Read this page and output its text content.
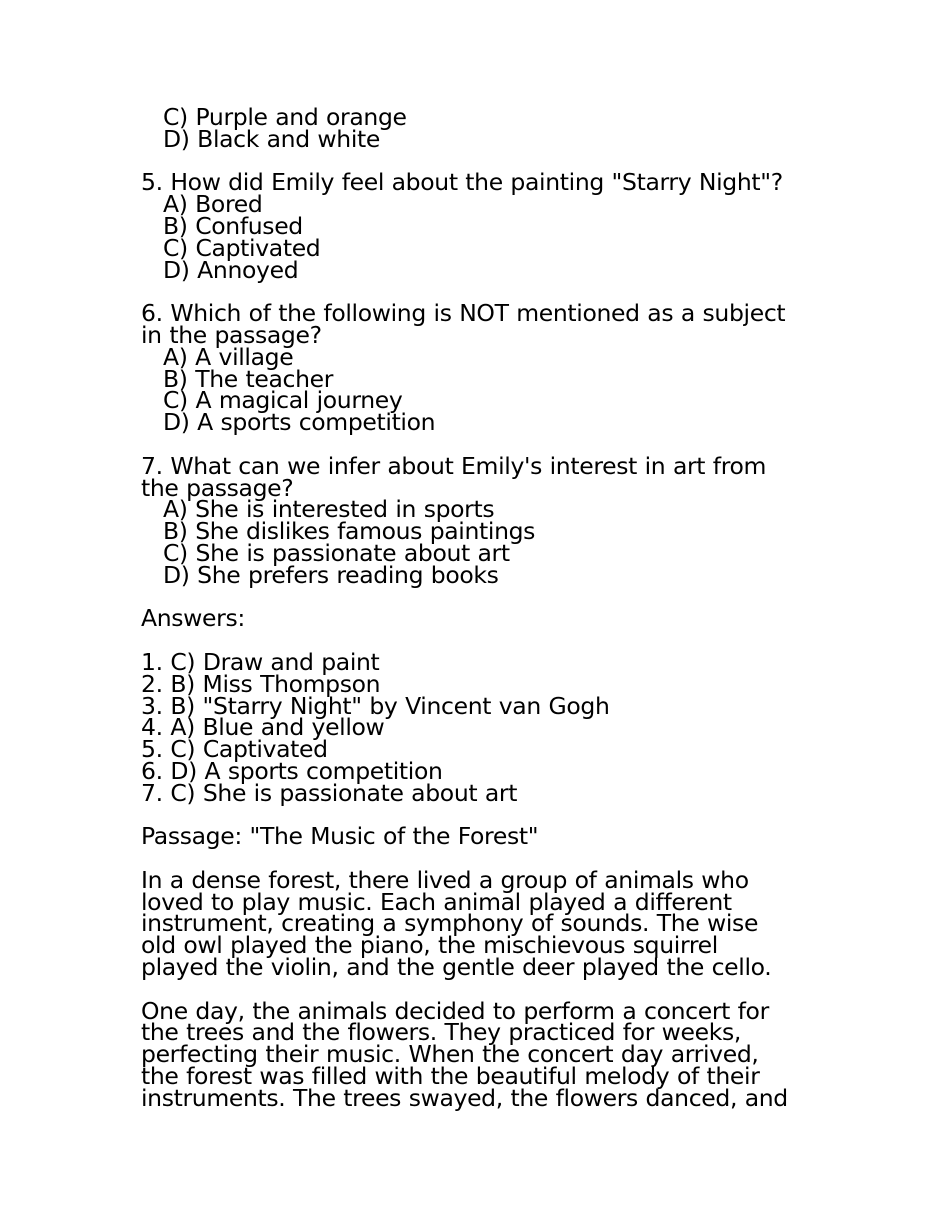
C) Purple and orange
D) Black and white
5. How did Emily feel about the painting "Starry Night"?
A) Bored
B) Confused
C) Captivated
D) Annoyed
6. Which of the following is NOT mentioned as a subject
in the passage?
A) A village
B) The teacher
C) A magical journey
D) A sports competition
7. What can we infer about Emily's interest in art from
the passage?
A) She is interested in sports
B) She dislikes famous paintings
C) She is passionate about art
D) She prefers reading books
Answers:
1. C) Draw and paint
2. B) Miss Thompson
3. B) "Starry Night" by Vincent van Gogh
4. A) Blue and yellow
5. C) Captivated
6. D) A sports competition
7. C) She is passionate about art
Passage: "The Music of the Forest"
In a dense forest, there lived a group of animals who
loved to play music. Each animal played a different
instrument, creating a symphony of sounds. The wise
old owl played the piano, the mischievous squirrel
played the violin, and the gentle deer played the cello.
One day, the animals decided to perform a concert for
the trees and the flowers. They practiced for weeks,
perfecting their music. When the concert day arrived,
the forest was filled with the beautiful melody of their
instruments. The trees swayed, the flowers danced, and
